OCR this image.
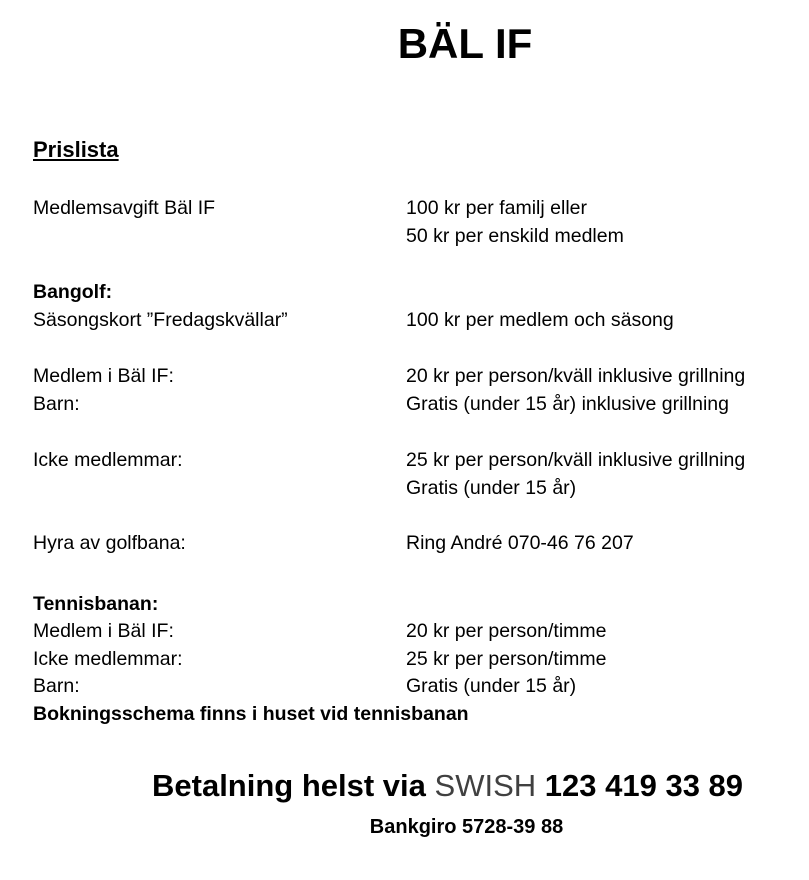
BÄL IF
Prislista
Medlemsavgift Bäl IF	100 kr per familj eller
50 kr per enskild medlem
Bangolf:
Säsongskort ”Fredagskvällar”	100 kr per medlem och säsong
Medlem i Bäl IF:	20 kr per person/kväll inklusive grillning
Barn:	Gratis (under 15 år) inklusive grillning
Icke medlemmar:	25 kr per person/kväll inklusive grillning
Gratis (under 15 år)
Hyra av golfbana:	Ring André 070-46 76 207
Tennisbanan:
Medlem i Bäl IF:	20 kr per person/timme
Icke medlemmar:	25 kr per person/timme
Barn:	Gratis (under 15 år)
Bokningsschema finns i huset vid tennisbanan
Betalning helst via SWISH 123 419 33 89
Bankgiro 5728-39 88
